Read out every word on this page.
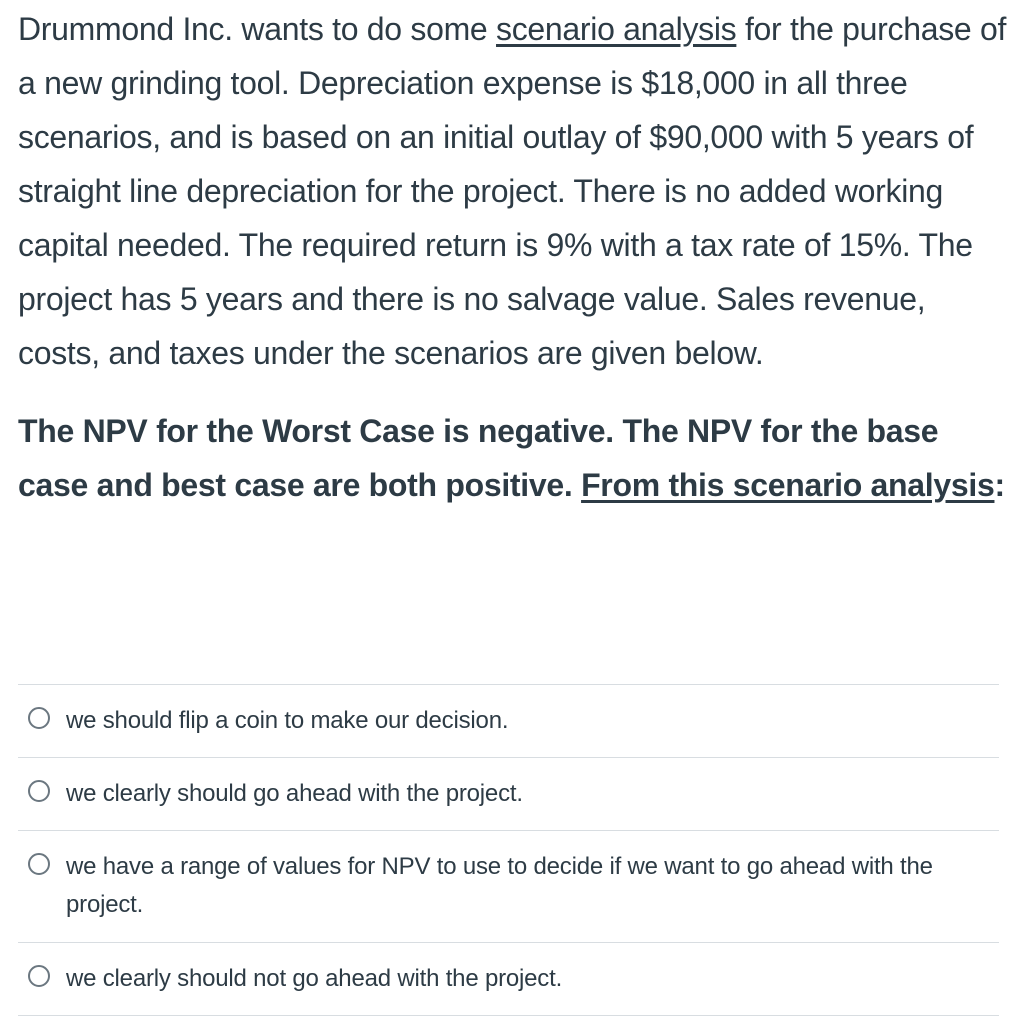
Drummond Inc. wants to do some scenario analysis for the purchase of a new grinding tool. Depreciation expense is $18,000 in all three scenarios, and is based on an initial outlay of $90,000 with 5 years of straight line depreciation for the project. There is no added working capital needed. The required return is 9% with a tax rate of 15%. The project has 5 years and there is no salvage value. Sales revenue, costs, and taxes under the scenarios are given below.

The NPV for the Worst Case is negative. The NPV for the base case and best case are both positive. From this scenario analysis:

we should flip a coin to make our decision.
we clearly should go ahead with the project.
we have a range of values for NPV to use to decide if we want to go ahead with the project.
we clearly should not go ahead with the project.
